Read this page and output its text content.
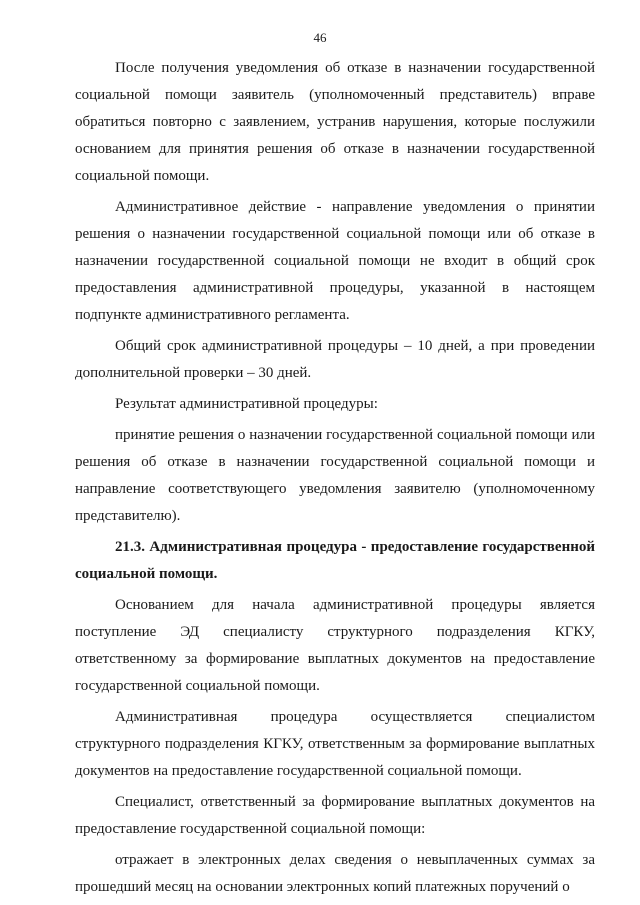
46

После получения уведомления об отказе в назначении государственной социальной помощи заявитель (уполномоченный представитель) вправе обратиться повторно с заявлением, устранив нарушения, которые послужили основанием для принятия решения об отказе в назначении государственной социальной помощи.

Административное действие - направление уведомления о принятии решения о назначении государственной социальной помощи или об отказе в назначении государственной социальной помощи не входит в общий срок предоставления административной процедуры, указанной в настоящем подпункте административного регламента.

Общий срок административной процедуры – 10 дней, а при проведении дополнительной проверки – 30 дней.

Результат административной процедуры:

принятие решения о назначении государственной социальной помощи или решения об отказе в назначении государственной социальной помощи и направление соответствующего уведомления заявителю (уполномоченному представителю).

21.3. Административная процедура - предоставление государственной социальной помощи.

Основанием для начала административной процедуры является поступление ЭД специалисту структурного подразделения КГКУ, ответственному за формирование выплатных документов на предоставление государственной социальной помощи.

Административная процедура осуществляется специалистом структурного подразделения КГКУ, ответственным за формирование выплатных документов на предоставление государственной социальной помощи.

Специалист, ответственный за формирование выплатных документов на предоставление государственной социальной помощи:

отражает в электронных делах сведения о невыплаченных суммах за прошедший месяц на основании электронных копий платежных поручений о
